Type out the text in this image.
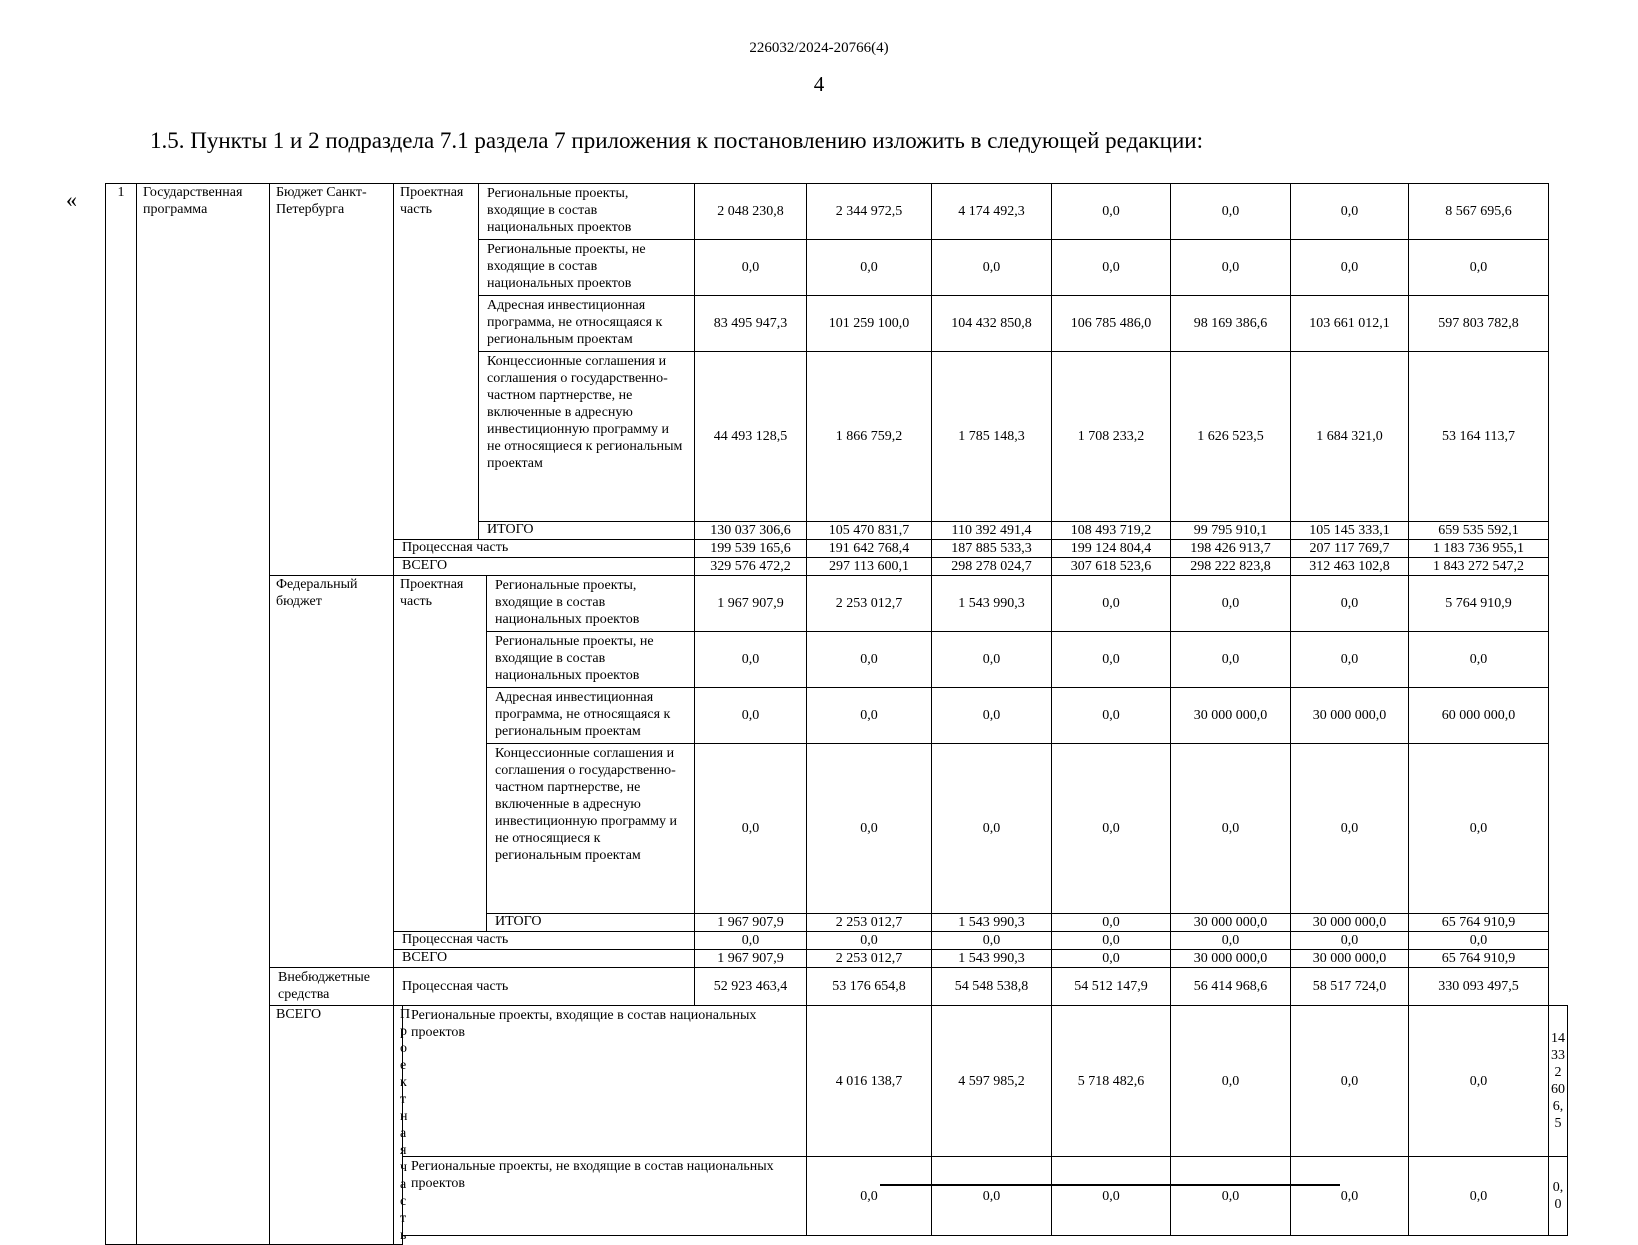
226032/2024-20766(4)
4
1.5. Пункты 1 и 2 подраздела 7.1 раздела 7 приложения к постановлению изложить в следующей редакции:
«	1	Государственная программа	Бюджет Санкт-Петербурга	Проектная часть		Региональные проекты, входящие в состав национальных проектов		2 048 230,8	2 344 972,5	4 174 492,3	0,0	0,0	0,0	8 567 695,6	
					Региональные проекты, не входящие в состав национальных проектов		0,0	0,0	0,0	0,0	0,0	0,0	0,0	
					Адресная инвестиционная программа, не относящаяся к региональным проектам		83 495 947,3	101 259 100,0	104 432 850,8	106 785 486,0	98 169 386,6	103 661 012,1	597 803 782,8	
					Концессионные соглашения и соглашения о государственно-частном партнерстве, не включенные в адресную инвестиционную программу и не относящиеся к региональным проектам		44 493 128,5	1 866 759,2	1 785 148,3	1 708 233,2	1 626 523,5	1 684 321,0	53 164 113,7	
					ИТОГО		130 037 306,6	105 470 831,7	110 392 491,4	108 493 719,2	99 795 910,1	105 145 333,1	659 535 592,1	
			Процессная часть				199 539 165,6	191 642 768,4	187 885 533,3	199 124 804,4	198 426 913,7	207 117 769,7	1 183 736 955,1	
			ВСЕГО				329 576 472,2	297 113 600,1	298 278 024,7	307 618 523,6	298 222 823,8	312 463 102,8	1 843 272 547,2	
		Федеральный бюджет	Проектная часть			Региональные проекты, входящие в состав национальных проектов	1 967 907,9	2 253 012,7	1 543 990,3	0,0	0,0	0,0	5 764 910,9	
						Региональные проекты, не входящие в состав национальных проектов	0,0	0,0	0,0	0,0	0,0	0,0	0,0	
						Адресная инвестиционная программа, не относящаяся к региональным проектам	0,0	0,0	0,0	0,0	30 000 000,0	30 000 000,0	60 000 000,0	
						Концессионные соглашения и соглашения о государственно-частном партнерстве, не включенные в адресную инвестиционную программу и не относящиеся к региональным проектам	0,0	0,0	0,0	0,0	0,0	0,0	0,0	
						ИТОГО	1 967 907,9	2 253 012,7	1 543 990,3	0,0	30 000 000,0	30 000 000,0	65 764 910,9	
			Процессная часть				0,0	0,0	0,0	0,0	0,0	0,0	0,0	
			ВСЕГО				1 967 907,9	2 253 012,7	1 543 990,3	0,0	30 000 000,0	30 000 000,0	65 764 910,9	
		Внебюджетные средства	Процессная часть				52 923 463,4	53 176 654,8	54 548 538,8	54 512 147,9	56 414 968,6	58 517 724,0	330 093 497,5	
		ВСЕГО	Проектная часть	Региональные проекты, входящие в состав национальных проектов				4 016 138,7	4 597 985,2	5 718 482,6	0,0	0,0	0,0	14 332 606,5
				Региональные проекты, не входящие в состав национальных проектов				0,0	0,0	0,0	0,0	0,0	0,0	0,0
